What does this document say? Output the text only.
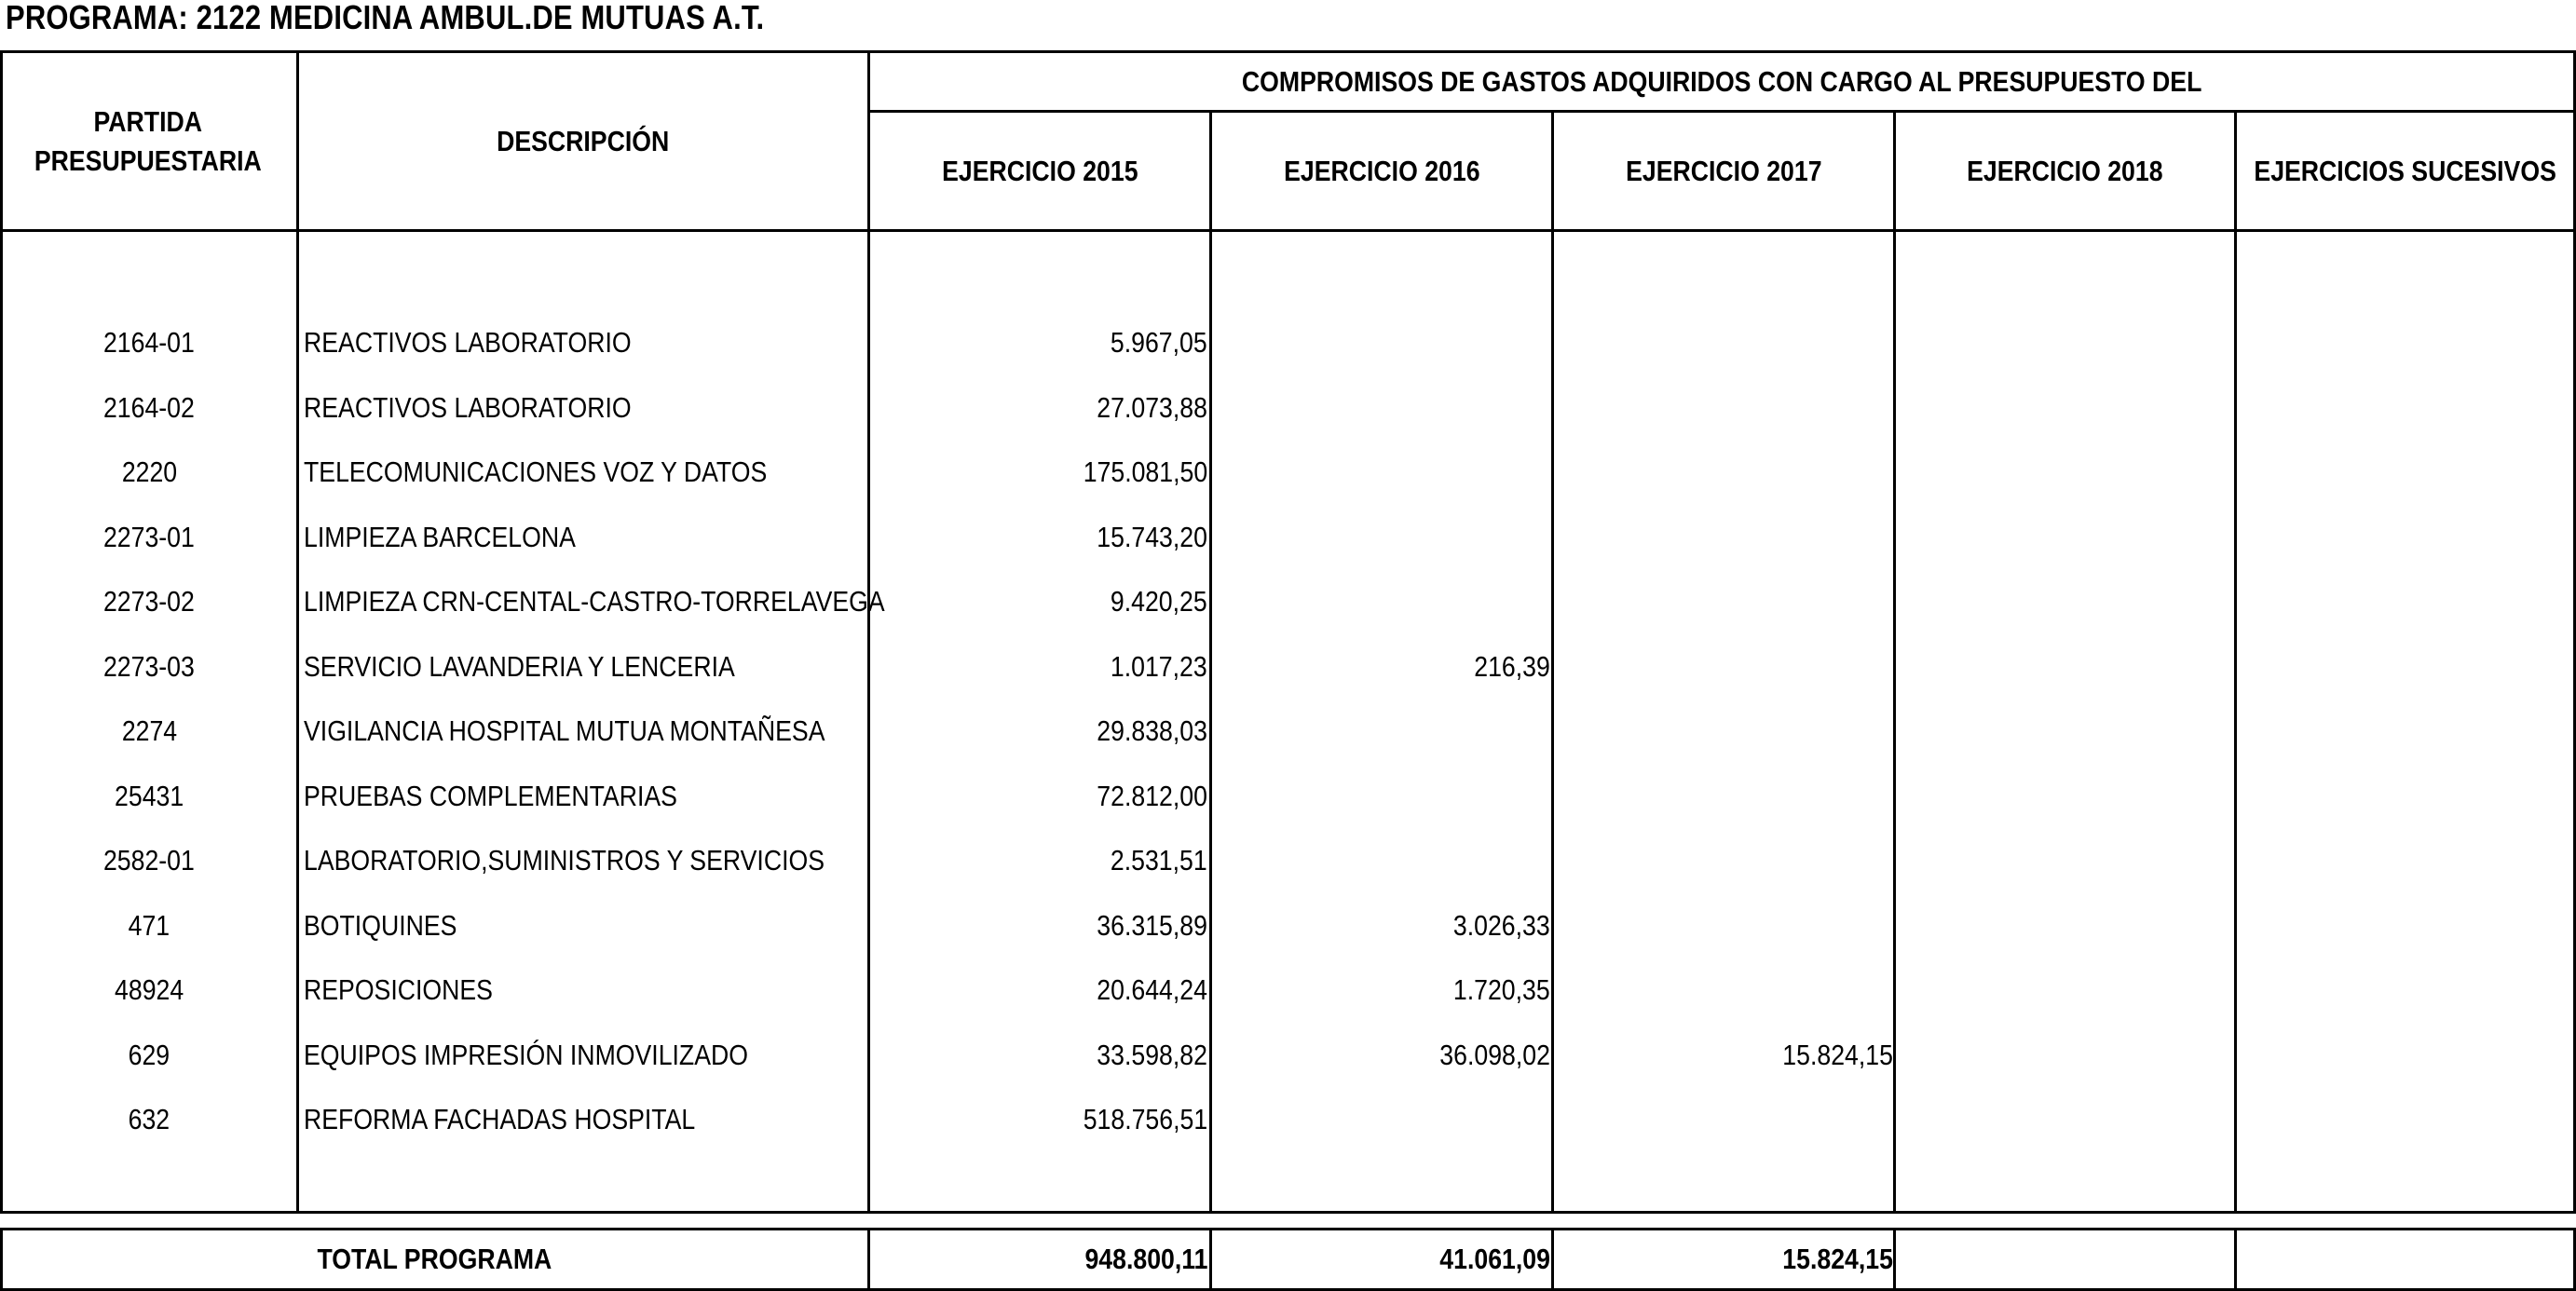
PROGRAMA: 2122 MEDICINA AMBUL.DE MUTUAS A.T.
PARTIDA
PRESUPUESTARIA
DESCRIPCIÓN
COMPROMISOS DE GASTOS ADQUIRIDOS CON CARGO AL PRESUPUESTO DEL
EJERCICIO 2015	EJERCICIO 2016	EJERCICIO 2017	EJERCICIO 2018	EJERCICIOS SUCESIVOS
2164-01	REACTIVOS LABORATORIO	5.967,05
2164-02	REACTIVOS LABORATORIO	27.073,88
2220	TELECOMUNICACIONES VOZ Y DATOS	175.081,50
2273-01	LIMPIEZA BARCELONA	15.743,20
2273-02	LIMPIEZA CRN-CENTAL-CASTRO-TORRELAVEGA	9.420,25
2273-03	SERVICIO LAVANDERIA Y LENCERIA	1.017,23	216,39
2274	VIGILANCIA HOSPITAL MUTUA MONTAÑESA	29.838,03
25431	PRUEBAS COMPLEMENTARIAS	72.812,00
2582-01	LABORATORIO,SUMINISTROS Y SERVICIOS	2.531,51
471	BOTIQUINES	36.315,89	3.026,33
48924	REPOSICIONES	20.644,24	1.720,35
629	EQUIPOS IMPRESIÓN INMOVILIZADO	33.598,82	36.098,02	15.824,15
632	REFORMA FACHADAS HOSPITAL	518.756,51
TOTAL PROGRAMA	948.800,11	41.061,09	15.824,15
